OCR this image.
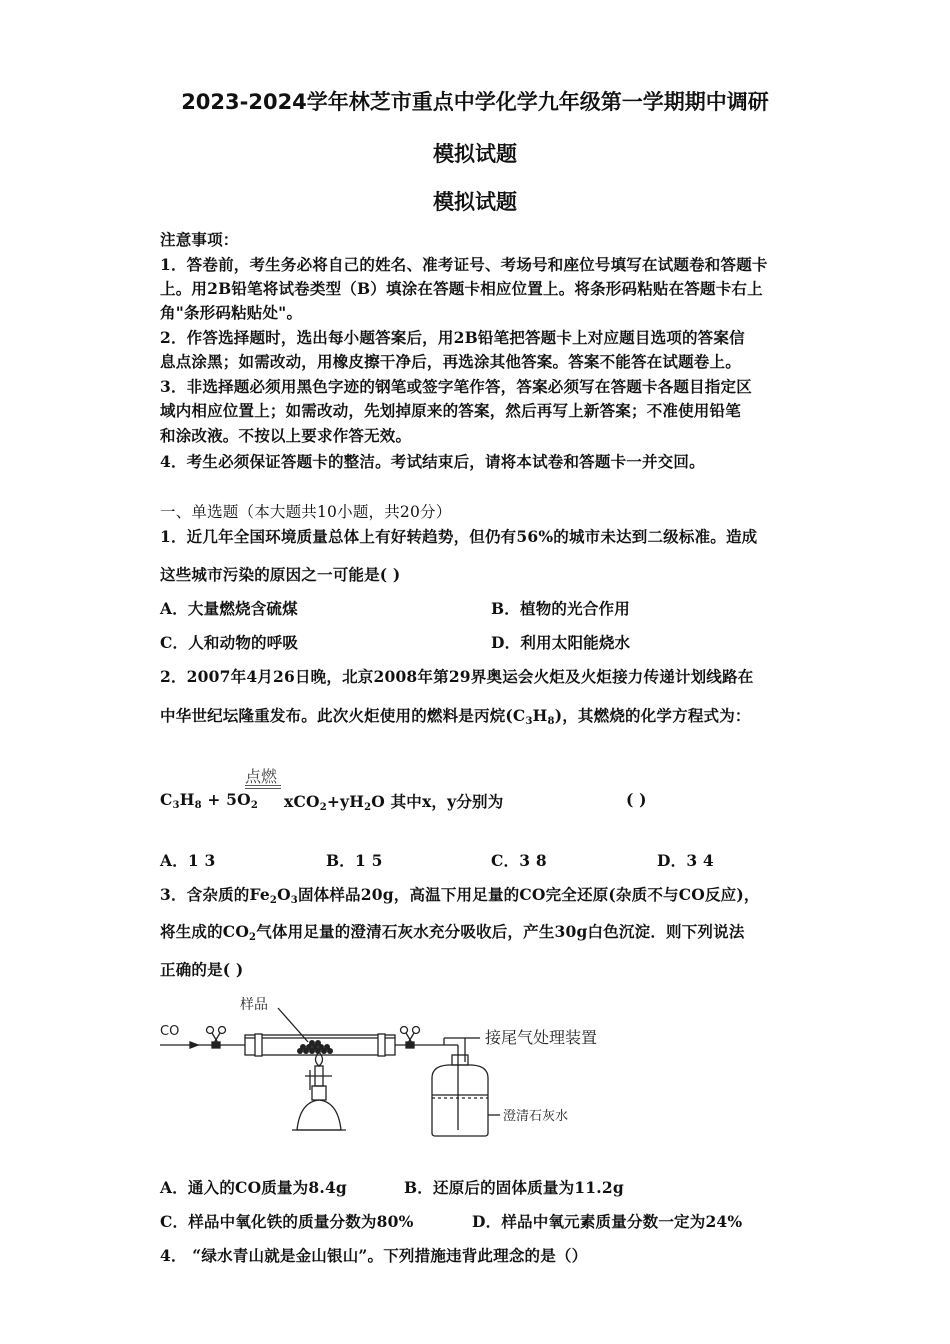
2023-2024学年林芝市重点中学化学九年级第一学期期中调研
模拟试题
模拟试题
注意事项：
1．答卷前，考生务必将自己的姓名、准考证号、考场号和座位号填写在试题卷和答题卡
上。用2B铅笔将试卷类型（B）填涂在答题卡相应位置上。将条形码粘贴在答题卡右上
角"条形码粘贴处"。
2．作答选择题时，选出每小题答案后，用2B铅笔把答题卡上对应题目选项的答案信
息点涂黑；如需改动，用橡皮擦干净后，再选涂其他答案。答案不能答在试题卷上。
3．非选择题必须用黑色字迹的钢笔或签字笔作答，答案必须写在答题卡各题目指定区
域内相应位置上；如需改动，先划掉原来的答案，然后再写上新答案；不准使用铅笔
和涂改液。不按以上要求作答无效。
4．考生必须保证答题卡的整洁。考试结束后，请将本试卷和答题卡一并交回。
一、单选题（本大题共10小题，共20分）
1．近几年全国环境质量总体上有好转趋势，但仍有56%的城市未达到二级标准。造成
这些城市污染的原因之一可能是( )
A．大量燃烧含硫煤	B．植物的光合作用
C．人和动物的呼吸	D．利用太阳能烧水
2．2007年4月26日晚，北京2008年第29界奥运会火炬及火炬接力传递计划线路在
中华世纪坛隆重发布。此次火炬使用的燃料是丙烷$(C_3H_8)$，其燃烧的化学方程式为：
点燃
$C_3H_8 + 5O_2$ $xCO_2+yH_2O$ 其中x，y分别为	( )
A．1 3	B．1 5	C．3 8	D．3 4
3．含杂质的$Fe_2O_3$固体样品20g，高温下用足量的CO完全还原(杂质不与CO反应)，
将生成的$CO_2$气体用足量的澄清石灰水充分吸收后，产生30g白色沉淀．则下列说法
正确的是( )
样品
CO	接尾气处理装置
澄清石灰水
A．通入的CO质量为8.4g	B．还原后的固体质量为11.2g
C．样品中氧化铁的质量分数为80%	D．样品中氧元素质量分数一定为24%
4． “绿水青山就是金山银山”。下列措施违背此理念的是（）
